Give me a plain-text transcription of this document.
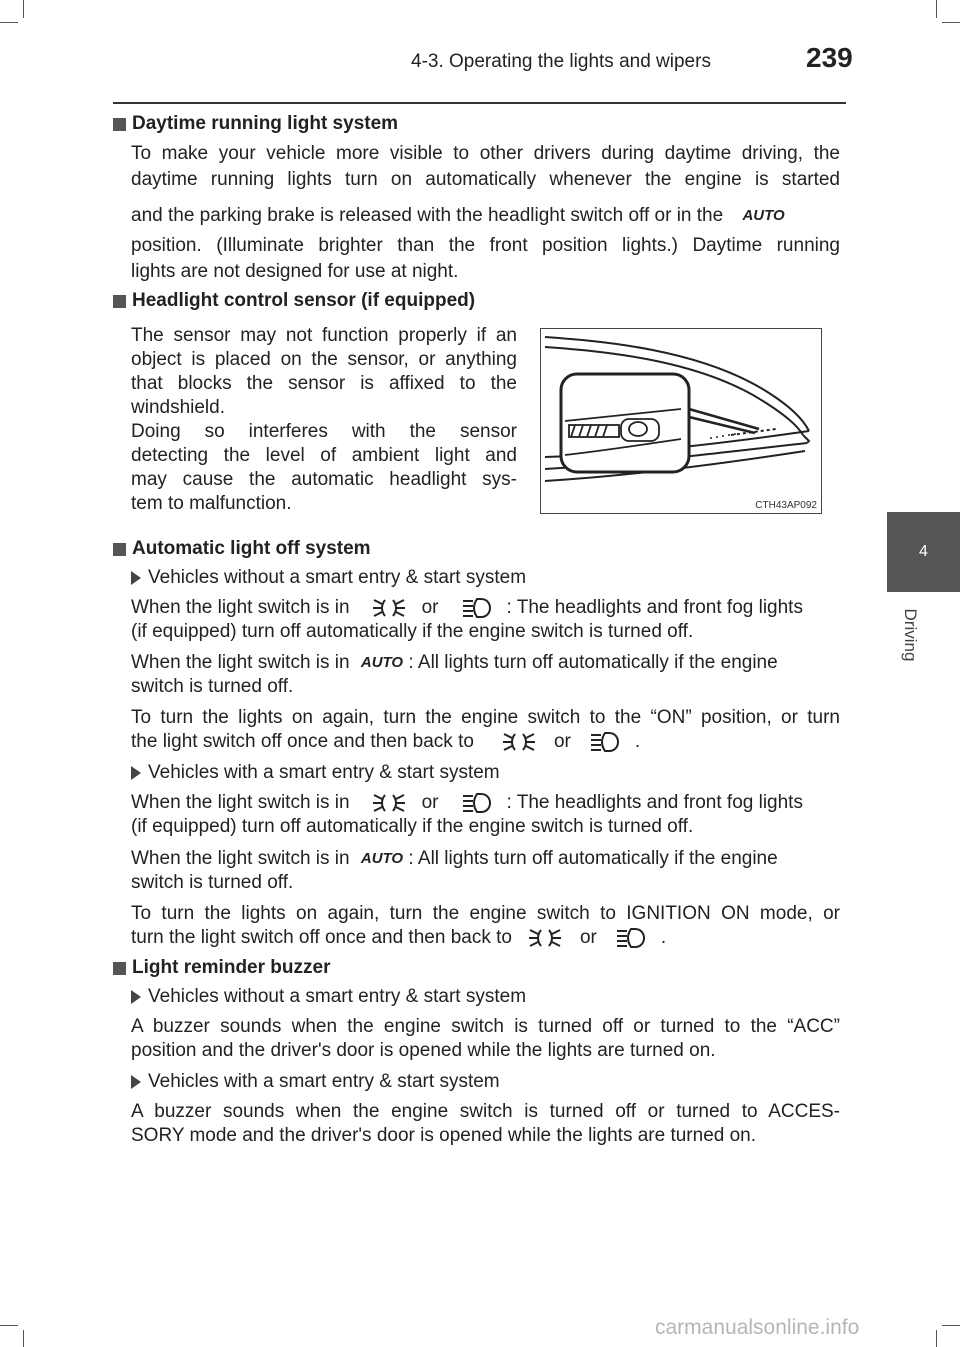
4-3. Operating the lights and wipers	239
4
Driving
Daytime running light system
To make your vehicle more visible to other drivers during daytime driving, the
daytime running lights turn on automatically whenever the engine is started
and the parking brake is released with the headlight switch off or in the AUTO
position. (Illuminate brighter than the front position lights.) Daytime running
lights are not designed for use at night.
Headlight control sensor (if equipped)
The sensor may not function properly if an
object is placed on the sensor, or anything
that blocks the sensor is affixed to the
windshield.
Doing so interferes with the sensor
detecting the level of ambient light and
may cause the automatic headlight sys-
tem to malfunction.	CTH43AP092
Automatic light off system
Vehicles without a smart entry & start system
When the light switch is in	or	: The headlights and front fog lights
(if equipped) turn off automatically if the engine switch is turned off.
When the light switch is in AUTO : All lights turn off automatically if the engine
switch is turned off.
To turn the lights on again, turn the engine switch to the “ON” position, or turn
the light switch off once and then back to	or	.
Vehicles with a smart entry & start system
When the light switch is in	or	: The headlights and front fog lights
(if equipped) turn off automatically if the engine switch is turned off.
When the light switch is in AUTO : All lights turn off automatically if the engine
switch is turned off.
To turn the lights on again, turn the engine switch to IGNITION ON mode, or
turn the light switch off once and then back to	or	.
Light reminder buzzer
Vehicles without a smart entry & start system
A buzzer sounds when the engine switch is turned off or turned to the “ACC”
position and the driver's door is opened while the lights are turned on.
Vehicles with a smart entry & start system
A buzzer sounds when the engine switch is turned off or turned to ACCES-
SORY mode and the driver's door is opened while the lights are turned on.
carmanualsonline.info
